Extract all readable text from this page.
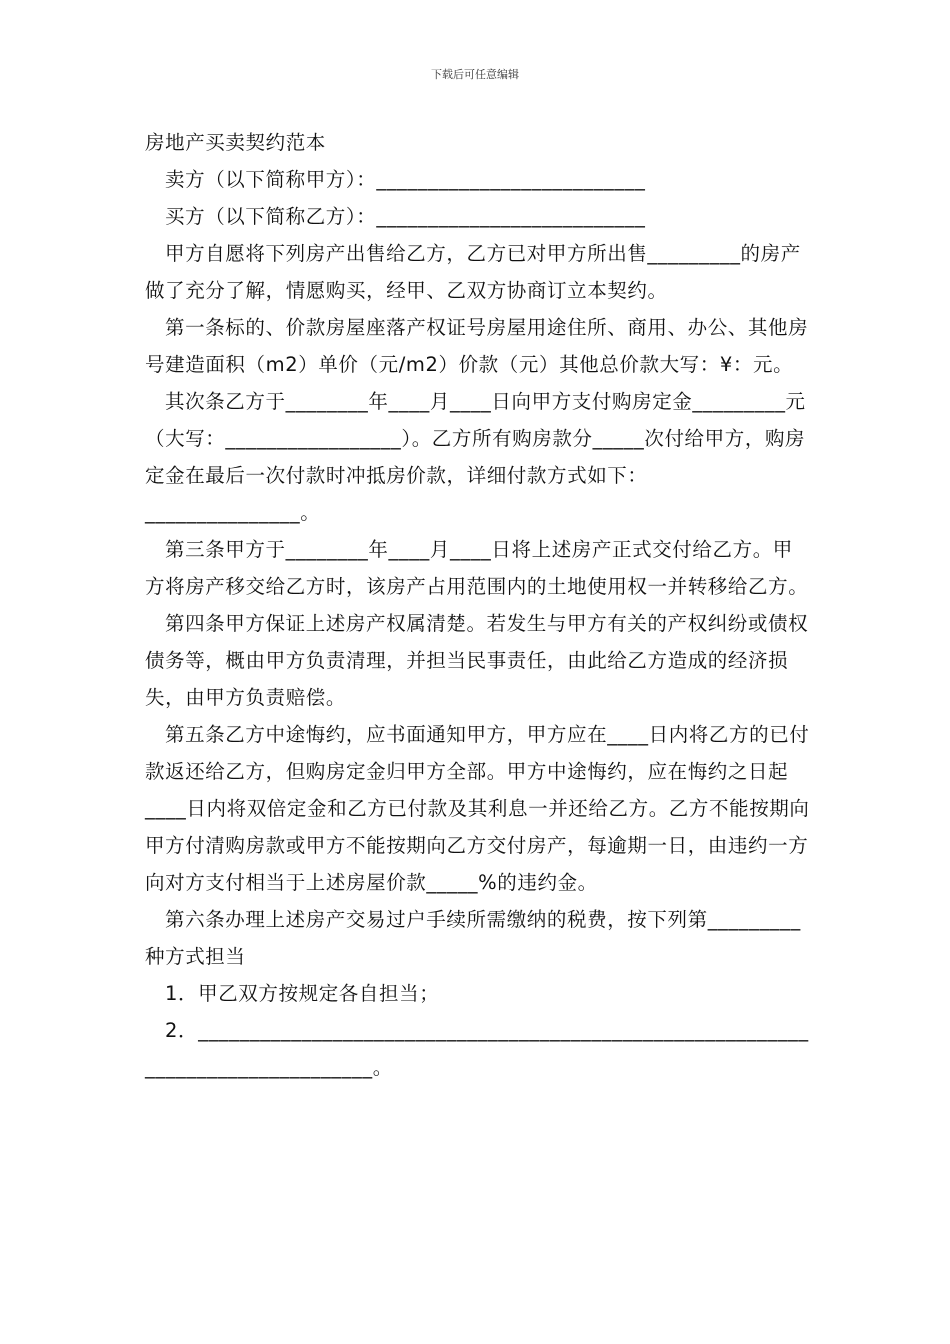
下载后可任意编辑

房地产买卖契约范本

卖方（以下简称甲方）：__________________________

买方（以下简称乙方）：__________________________

甲方自愿将下列房产出售给乙方，乙方已对甲方所出售_________的房产做了充分了解，情愿购买，经甲、乙双方协商订立本契约。

第一条标的、价款房屋座落产权证号房屋用途住所、商用、办公、其他房号建造面积（m2）单价（元/m2）价款（元）其他总价款大写：¥：元。

其次条乙方于________年____月____日向甲方支付购房定金_________元（大写：_________________）。乙方所有购房款分_____次付给甲方，购房定金在最后一次付款时冲抵房价款，详细付款方式如下：_______________。

第三条甲方于________年____月____日将上述房产正式交付给乙方。甲方将房产移交给乙方时，该房产占用范围内的土地使用权一并转移给乙方。

第四条甲方保证上述房产权属清楚。若发生与甲方有关的产权纠纷或债权债务等，概由甲方负责清理，并担当民事责任，由此给乙方造成的经济损失，由甲方负责赔偿。

第五条乙方中途悔约，应书面通知甲方，甲方应在____日内将乙方的已付款返还给乙方，但购房定金归甲方全部。甲方中途悔约，应在悔约之日起____日内将双倍定金和乙方已付款及其利息一并还给乙方。乙方不能按期向甲方付清购房款或甲方不能按期向乙方交付房产，每逾期一日，由违约一方向对方支付相当于上述房屋价款_____%的违约金。

第六条办理上述房产交易过户手续所需缴纳的税费，按下列第_________种方式担当

1．甲乙双方按规定各自担当；

2．_________________________________________________________________________________。
